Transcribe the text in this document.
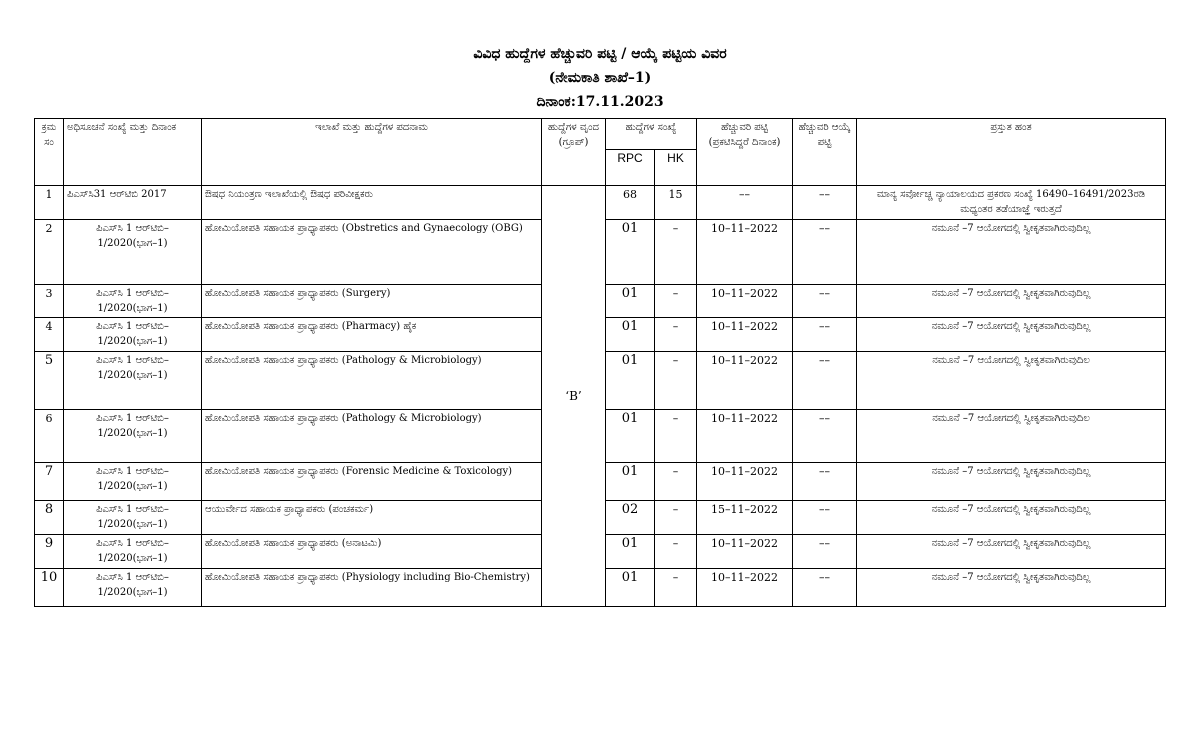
ವಿವಿಧ ಹುದ್ದೆಗಳ ಹೆಚ್ಚುವರಿ ಪಟ್ಟಿ / ಆಯ್ಕೆ ಪಟ್ಟಿಯ ವಿವರ
(ನೇಮಕಾತಿ ಶಾಖೆ–1)
ದಿನಾಂಕ:17.11.2023
ಕ್ರಮ ಸಂ	ಅಧಿಸೂಚನೆ ಸಂಖ್ಯೆ ಮತ್ತು ದಿನಾಂಕ	ಇಲಾಖೆ ಮತ್ತು ಹುದ್ದೆಗಳ ಪದನಾಮ	ಹುದ್ದೆಗಳ ವೃಂದ (ಗ್ರೂಪ್)	ಹುದ್ದೆಗಳ ಸಂಖ್ಯೆ		ಹೆಚ್ಚುವರಿ ಪಟ್ಟಿ (ಪ್ರಕಟಿಸಿದ್ದರೆ ದಿನಾಂಕ)	ಹೆಚ್ಚುವರಿ ಆಯ್ಕೆ ಪಟ್ಟಿ	ಪ್ರಸ್ತುತ ಹಂತ
				RPC	HK			
1	ಪಿಎಸ್‌ಸಿ31 ಆರ್‌ಟಿಬಿ 2017	ಔಷಧ ನಿಯಂತ್ರಣ ಇಲಾಖೆಯಲ್ಲಿ ಔಷಧ ಪರಿವೀಕ್ಷಕರು	‘B’	68	15	––	––	ಮಾನ್ಯ ಸರ್ವೋಚ್ಚ ನ್ಯಾಯಾಲಯದ ಪ್ರಕರಣ ಸಂಖ್ಯೆ 16490–16491/2023ರಡಿ ಮಧ್ಯಂತರ ತಡೆಯಾಜ್ಞೆ ಇರುತ್ತದೆ
2	ಪಿಎಸ್‌ಸಿ 1 ಆರ್‌ಟಿಬಿ–1/2020(ಭಾಗ–1)	ಹೋಮಿಯೋಪತಿ ಸಹಾಯಕ ಪ್ರಾಧ್ಯಾಪಕರು (Obstretics and Gynaecology (OBG)		01	–	10–11–2022	––	ನಮೂನೆ –7 ಆಯೋಗದಲ್ಲಿ ಸ್ವೀಕೃತವಾಗಿರುವುದಿಲ್ಲ
3	ಪಿಎಸ್‌ಸಿ 1 ಆರ್‌ಟಿಬಿ–1/2020(ಭಾಗ–1)	ಹೋಮಿಯೋಪತಿ ಸಹಾಯಕ ಪ್ರಾಧ್ಯಾಪಕರು (Surgery)		01	–	10–11–2022	––	ನಮೂನೆ –7 ಆಯೋಗದಲ್ಲಿ ಸ್ವೀಕೃತವಾಗಿರುವುದಿಲ್ಲ
4	ಪಿಎಸ್‌ಸಿ 1 ಆರ್‌ಟಿಬಿ–1/2020(ಭಾಗ–1)	ಹೋಮಿಯೋಪತಿ ಸಹಾಯಕ ಪ್ರಾಧ್ಯಾಪಕರು (Pharmacy) ಹೈಕ		01	–	10–11–2022	––	ನಮೂನೆ –7 ಆಯೋಗದಲ್ಲಿ ಸ್ವೀಕೃತವಾಗಿರುವುದಿಲ್ಲ
5	ಪಿಎಸ್‌ಸಿ 1 ಆರ್‌ಟಿಬಿ–1/2020(ಭಾಗ–1)	ಹೋಮಿಯೋಪತಿ ಸಹಾಯಕ ಪ್ರಾಧ್ಯಾಪಕರು (Pathology & Microbiology)		01	–	10–11–2022	––	ನಮೂನೆ –7 ಆಯೋಗದಲ್ಲಿ ಸ್ವೀಕೃತವಾಗಿರುವುದಿಲ
6	ಪಿಎಸ್‌ಸಿ 1 ಆರ್‌ಟಿಬಿ–1/2020(ಭಾಗ–1)	ಹೋಮಿಯೋಪತಿ ಸಹಾಯಕ ಪ್ರಾಧ್ಯಾಪಕರು (Pathology & Microbiology)		01	–	10–11–2022	––	ನಮೂನೆ –7 ಆಯೋಗದಲ್ಲಿ ಸ್ವೀಕೃತವಾಗಿರುವುದಿಲ
7	ಪಿಎಸ್‌ಸಿ 1 ಆರ್‌ಟಿಬಿ–1/2020(ಭಾಗ–1)	ಹೋಮಿಯೋಪತಿ ಸಹಾಯಕ ಪ್ರಾಧ್ಯಾಪಕರು (Forensic Medicine & Toxicology)		01	–	10–11–2022	––	ನಮೂನೆ –7 ಆಯೋಗದಲ್ಲಿ ಸ್ವೀಕೃತವಾಗಿರುವುದಿಲ್ಲ
8	ಪಿಎಸ್‌ಸಿ 1 ಆರ್‌ಟಿಬಿ–1/2020(ಭಾಗ–1)	ಆಯುರ್ವೇದ ಸಹಾಯಕ ಪ್ರಾಧ್ಯಾಪಕರು (ಪಂಚಕರ್ಮ)		02	–	15–11–2022	––	ನಮೂನೆ –7 ಆಯೋಗದಲ್ಲಿ ಸ್ವೀಕೃತವಾಗಿರುವುದಿಲ್ಲ
9	ಪಿಎಸ್‌ಸಿ 1 ಆರ್‌ಟಿಬಿ–1/2020(ಭಾಗ–1)	ಹೋಮಿಯೋಪತಿ ಸಹಾಯಕ ಪ್ರಾಧ್ಯಾಪಕರು (ಅನಾಟಮಿ)		01	–	10–11–2022	––	ನಮೂನೆ –7 ಆಯೋಗದಲ್ಲಿ ಸ್ವೀಕೃತವಾಗಿರುವುದಿಲ್ಲ
10	ಪಿಎಸ್‌ಸಿ 1 ಆರ್‌ಟಿಬಿ–1/2020(ಭಾಗ–1)	ಹೋಮಿಯೋಪತಿ ಸಹಾಯಕ ಪ್ರಾಧ್ಯಾಪಕರು (Physiology including Bio-Chemistry)		01	–	10–11–2022	––	ನಮೂನೆ –7 ಆಯೋಗದಲ್ಲಿ ಸ್ವೀಕೃತವಾಗಿರುವುದಿಲ್ಲ
